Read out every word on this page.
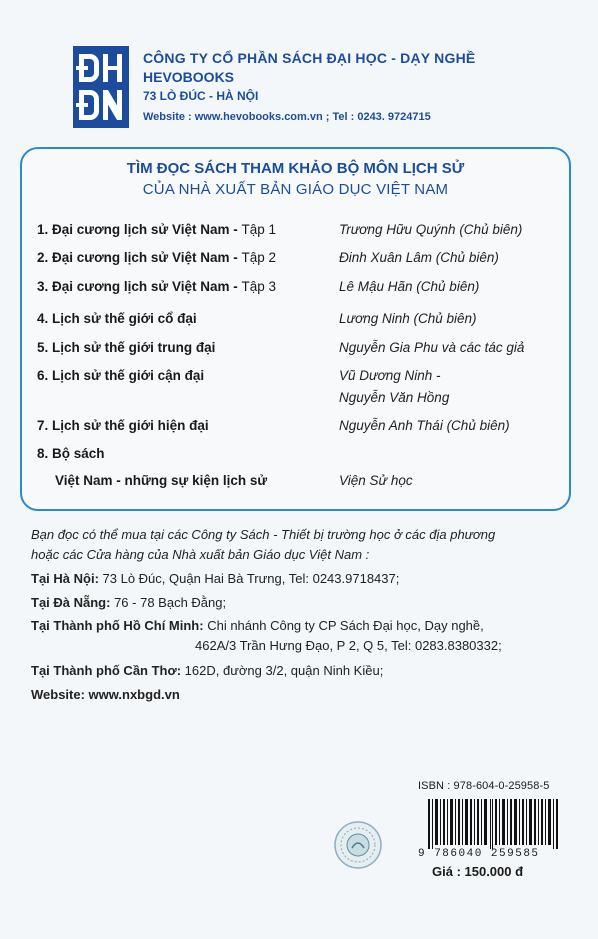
CÔNG TY CỔ PHẦN SÁCH ĐẠI HỌC - DẠY NGHỀ
HEVOBOOKS
73 LÒ ĐÚC - HÀ NỘI
Website : www.hevobooks.com.vn ; Tel : 0243. 9724715
TÌM ĐỌC SÁCH THAM KHẢO BỘ MÔN LỊCH SỬ
CỦA NHÀ XUẤT BẢN GIÁO DỤC VIỆT NAM
1. Đại cương lịch sử Việt Nam - Tập 1	Trương Hữu Quýnh (Chủ biên)
2. Đại cương lịch sử Việt Nam - Tập 2	Đinh Xuân Lâm (Chủ biên)
3. Đại cương lịch sử Việt Nam - Tập 3	Lê Mậu Hãn (Chủ biên)
4. Lịch sử thế giới cổ đại	Lương Ninh (Chủ biên)
5. Lịch sử thế giới trung đại	Nguyễn Gia Phu và các tác giả
6. Lịch sử thế giới cận đại	Vũ Dương Ninh -
Nguyễn Văn Hồng
7. Lịch sử thế giới hiện đại	Nguyễn Anh Thái (Chủ biên)
8. Bộ sách
Việt Nam - những sự kiện lịch sử	Viện Sử học
Bạn đọc có thể mua tại các Công ty Sách - Thiết bị trường học ở các địa phương
hoặc các Cửa hàng của Nhà xuất bản Giáo dục Việt Nam :
Tại Hà Nội: 73 Lò Đúc, Quận Hai Bà Trưng, Tel: 0243.9718437;
Tại Đà Nẵng: 76 - 78 Bạch Đằng;
Tại Thành phố Hồ Chí Minh: Chi nhánh Công ty CP Sách Đại học, Dạy nghề,
462A/3 Trần Hưng Đạo, P 2, Q 5, Tel: 0283.8380332;
Tại Thành phố Cần Thơ: 162D, đường 3/2, quận Ninh Kiều;
Website: www.nxbgd.vn
ISBN : 978-604-0-25958-5
9 786040 259585
Giá : 150.000 đ
